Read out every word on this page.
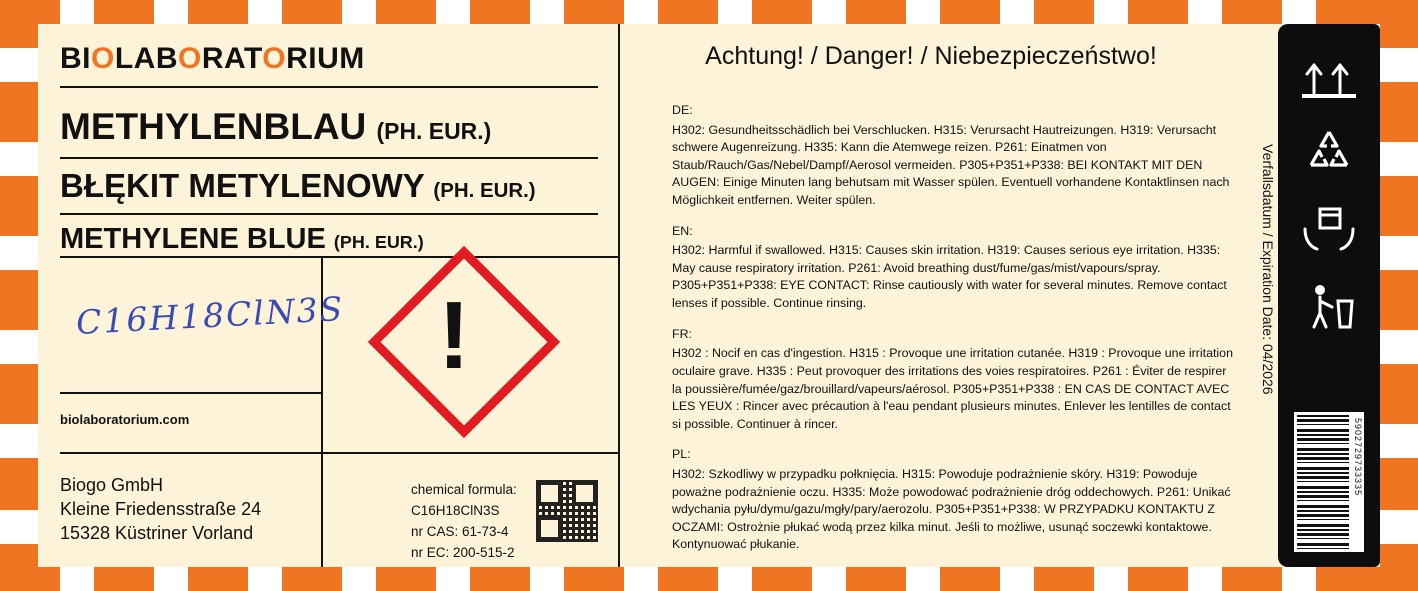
BIOLABORATORIUM
METHYLENBLAU (PH. EUR.)
BŁĘKIT METYLENOWY (PH. EUR.)
METHYLENE BLUE (PH. EUR.)
C16H18ClN3S
biolaboratorium.com
Biogo GmbH
Kleine Friedensstraße 24
15328 Küstriner Vorland
!
chemical formula:
C16H18ClN3S
nr CAS: 61-73-4
nr EC: 200-515-2
Achtung! / Danger! / Niebezpieczeństwo!
DE:
H302: Gesundheitsschädlich bei Verschlucken. H315: Verursacht Hautreizungen. H319: Verursacht schwere Augenreizung. H335: Kann die Atemwege reizen. P261: Einatmen von Staub/Rauch/Gas/Nebel/Dampf/Aerosol vermeiden. P305+P351+P338: BEI KONTAKT MIT DEN AUGEN: Einige Minuten lang behutsam mit Wasser spülen. Eventuell vorhandene Kontaktlinsen nach Möglichkeit entfernen. Weiter spülen.
EN:
H302: Harmful if swallowed. H315: Causes skin irritation. H319: Causes serious eye irritation. H335: May cause respiratory irritation. P261: Avoid breathing dust/fume/gas/mist/vapours/spray. P305+P351+P338: EYE CONTACT: Rinse cautiously with water for several minutes. Remove contact lenses if possible. Continue rinsing.
FR:
H302 : Nocif en cas d'ingestion. H315 : Provoque une irritation cutanée. H319 : Provoque une irritation oculaire grave. H335 : Peut provoquer des irritations des voies respiratoires. P261 : Éviter de respirer la poussière/fumée/gaz/brouillard/vapeurs/aérosol. P305+P351+P338 : EN CAS DE CONTACT AVEC LES YEUX : Rincer avec précaution à l'eau pendant plusieurs minutes. Enlever les lentilles de contact si possible. Continuer à rincer.
PL:
H302: Szkodliwy w przypadku połknięcia. H315: Powoduje podrażnienie skóry. H319: Powoduje poważne podrażnienie oczu. H335: Może powodować podrażnienie dróg oddechowych. P261: Unikać wdychania pyłu/dymu/gazu/mgły/pary/aerozolu. P305+P351+P338: W PRZYPADKU KONTAKTU Z OCZAMI: Ostrożnie płukać wodą przez kilka minut. Jeśli to możliwe, usunąć soczewki kontaktowe. Kontynuować płukanie.

Verfallsdatum / Expiration Date: 04/2026
5902729733335
